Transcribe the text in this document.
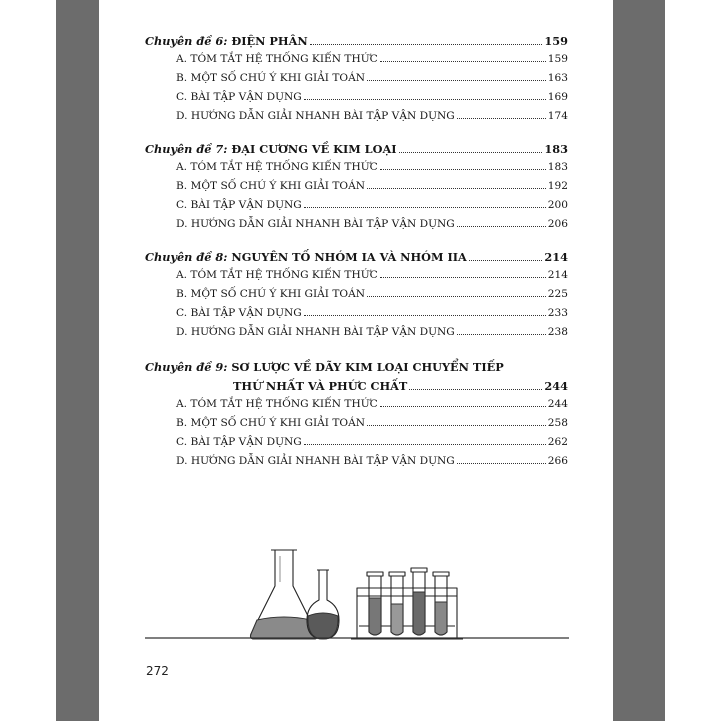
Chuyên đề 6: ĐIỆN PHÂN	159
A. TÓM TẮT HỆ THỐNG KIẾN THỨC	159
B. MỘT SỐ CHÚ Ý KHI GIẢI TOÁN	163
C. BÀI TẬP VẬN DỤNG	169
D. HƯỚNG DẪN GIẢI NHANH BÀI TẬP VẬN DỤNG	174
Chuyên đề 7: ĐẠI CƯƠNG VỀ KIM LOẠI	183
A. TÓM TẮT HỆ THỐNG KIẾN THỨC	183
B. MỘT SỐ CHÚ Ý KHI GIẢI TOÁN	192
C. BÀI TẬP VẬN DỤNG	200
D. HƯỚNG DẪN GIẢI NHANH BÀI TẬP VẬN DỤNG	206
Chuyên đề 8: NGUYÊN TỐ NHÓM IA VÀ NHÓM IIA	214
A. TÓM TẮT HỆ THỐNG KIẾN THỨC	214
B. MỘT SỐ CHÚ Ý KHI GIẢI TOÁN	225
C. BÀI TẬP VẬN DỤNG	233
D. HƯỚNG DẪN GIẢI NHANH BÀI TẬP VẬN DỤNG	238
Chuyên đề 9: SƠ LƯỢC VỀ DÃY KIM LOẠI CHUYỂN TIẾP
THỨ NHẤT VÀ PHỨC CHẤT	244
A. TÓM TẮT HỆ THỐNG KIẾN THỨC	244
B. MỘT SỐ CHÚ Ý KHI GIẢI TOÁN	258
C. BÀI TẬP VẬN DỤNG	262
D. HƯỚNG DẪN GIẢI NHANH BÀI TẬP VẬN DỤNG	266
272
